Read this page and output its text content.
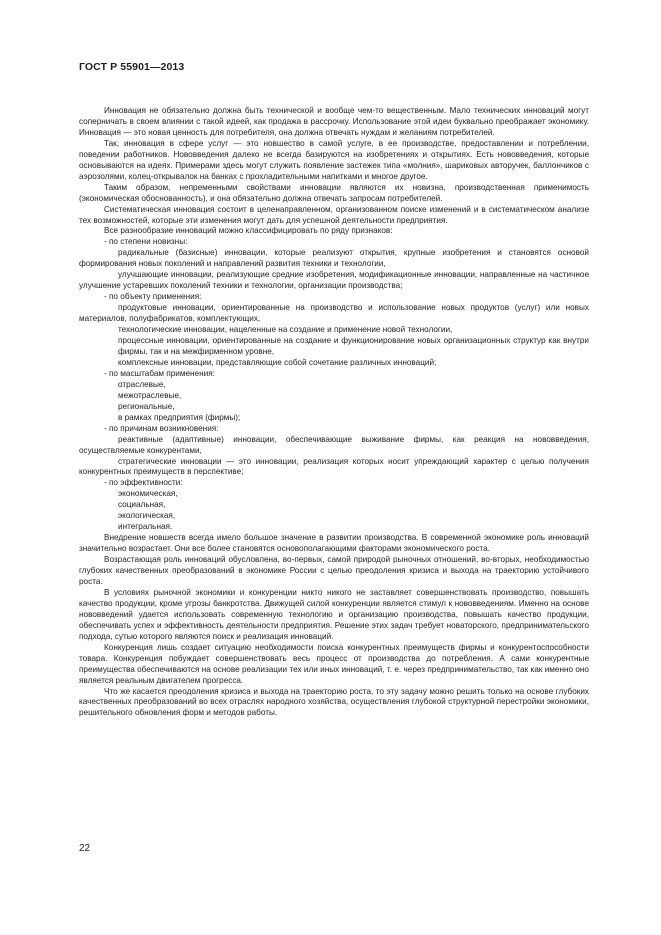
ГОСТ Р 55901—2013

Инновация не обязательно должна быть технической и вообще чем-то вещественным. Мало технических инноваций могут соперничать в своем влиянии с такой идеей, как продажа в рассрочку. Использование этой идеи буквально преображает экономику. Инновация — это новая ценность для потребителя, она должна отвечать нуждам и желаниям потребителей.

Так, инновация в сфере услуг — это новшество в самой услуге, в ее производстве, предоставлении и потреблении, поведении работников. Нововведения далеко не всегда базируются на изобретениях и открытиях. Есть нововведения, которые основываются на идеях. Примерами здесь могут служить появление застежек типа «молния», шариковых авторучек, баллончиков с аэрозолями, колец-открывалок на банках с прохладительными напитками и многое другое.

Таким образом, непременными свойствами инновации являются их новизна, производственная применимость (экономическая обоснованность), и она обязательно должна отвечать запросам потребителей.

Систематическая инновация состоит в целенаправленном, организованном поиске изменений и в систематическом анализе тех возможностей, которые эти изменения могут дать для успешной деятельности предприятия.

Все разнообразие инноваций можно классифицировать по ряду признаков:

- по степени новизны:

радикальные (базисные) инновации, которые реализуют открытия, крупные изобретения и становятся основой формирования новых поколений и направлений развития техники и технологии,

улучшающие инновации, реализующие средние изобретения, модификационные инновации, направленные на частичное улучшение устаревших поколений техники и технологии, организации производства;

- по объекту применения:

продуктовые инновации, ориентированные на производство и использование новых продуктов (услуг) или новых материалов, полуфабрикатов, комплектующих,

технологические инновации, нацеленные на создание и применение новой технологии,

процессные инновации, ориентированные на создание и функционирование новых организационных структур как внутри фирмы, так и на межфирменном уровне,

комплексные инновации, представляющие собой сочетание различных инноваций;

- по масштабам применения:

отраслевые,

межотраслевые,

региональные,

в рамках предприятия (фирмы);

- по причинам возникновения:

реактивные (адаптивные) инновации, обеспечивающие выживание фирмы, как реакция на нововведения, осуществляемые конкурентами,

стратегические инновации — это инновации, реализация которых носит упреждающий характер с целью получения конкурентных преимуществ в перспективе;

- по эффективности:

экономическая,

социальная,

экологическая,

интегральная.

Внедрение новшеств всегда имело большое значение в развитии производства. В современной экономике роль инноваций значительно возрастает. Они все более становятся основополагающими факторами экономического роста.

Возрастающая роль инноваций обусловлена, во-первых, самой природой рыночных отношений, во-вторых, необходимостью глубоких качественных преобразований в экономике России с целью преодоления кризиса и выхода на траекторию устойчивого роста.

В условиях рыночной экономики и конкуренции никто никого не заставляет совершенствовать производство, повышать качество продукции, кроме угрозы банкротства. Движущей силой конкуренции является стимул к нововведениям. Именно на основе нововведений удается использовать современную технологию и организацию производства, повышать качество продукции, обеспечивать успех и эффективность деятельности предприятия. Решение этих задач требует новаторского, предпринимательского подхода, сутью которого являются поиск и реализация инноваций.

Конкуренция лишь создает ситуацию необходимости поиска конкурентных преимуществ фирмы и конкурентоспособности товара. Конкуренция побуждает совершенствовать весь процесс от производства до потребления. А сами конкурентные преимущества обеспечиваются на основе реализации тех или иных инноваций, т. е. через предпринимательство, так как именно оно является реальным двигателем прогресса.

Что же касается преодоления кризиса и выхода на траекторию роста, то эту задачу можно решить только на основе глубоких качественных преобразований во всех отраслях народного хозяйства, осуществления глубокой структурной перестройки экономики, решительного обновления форм и методов работы.

22
